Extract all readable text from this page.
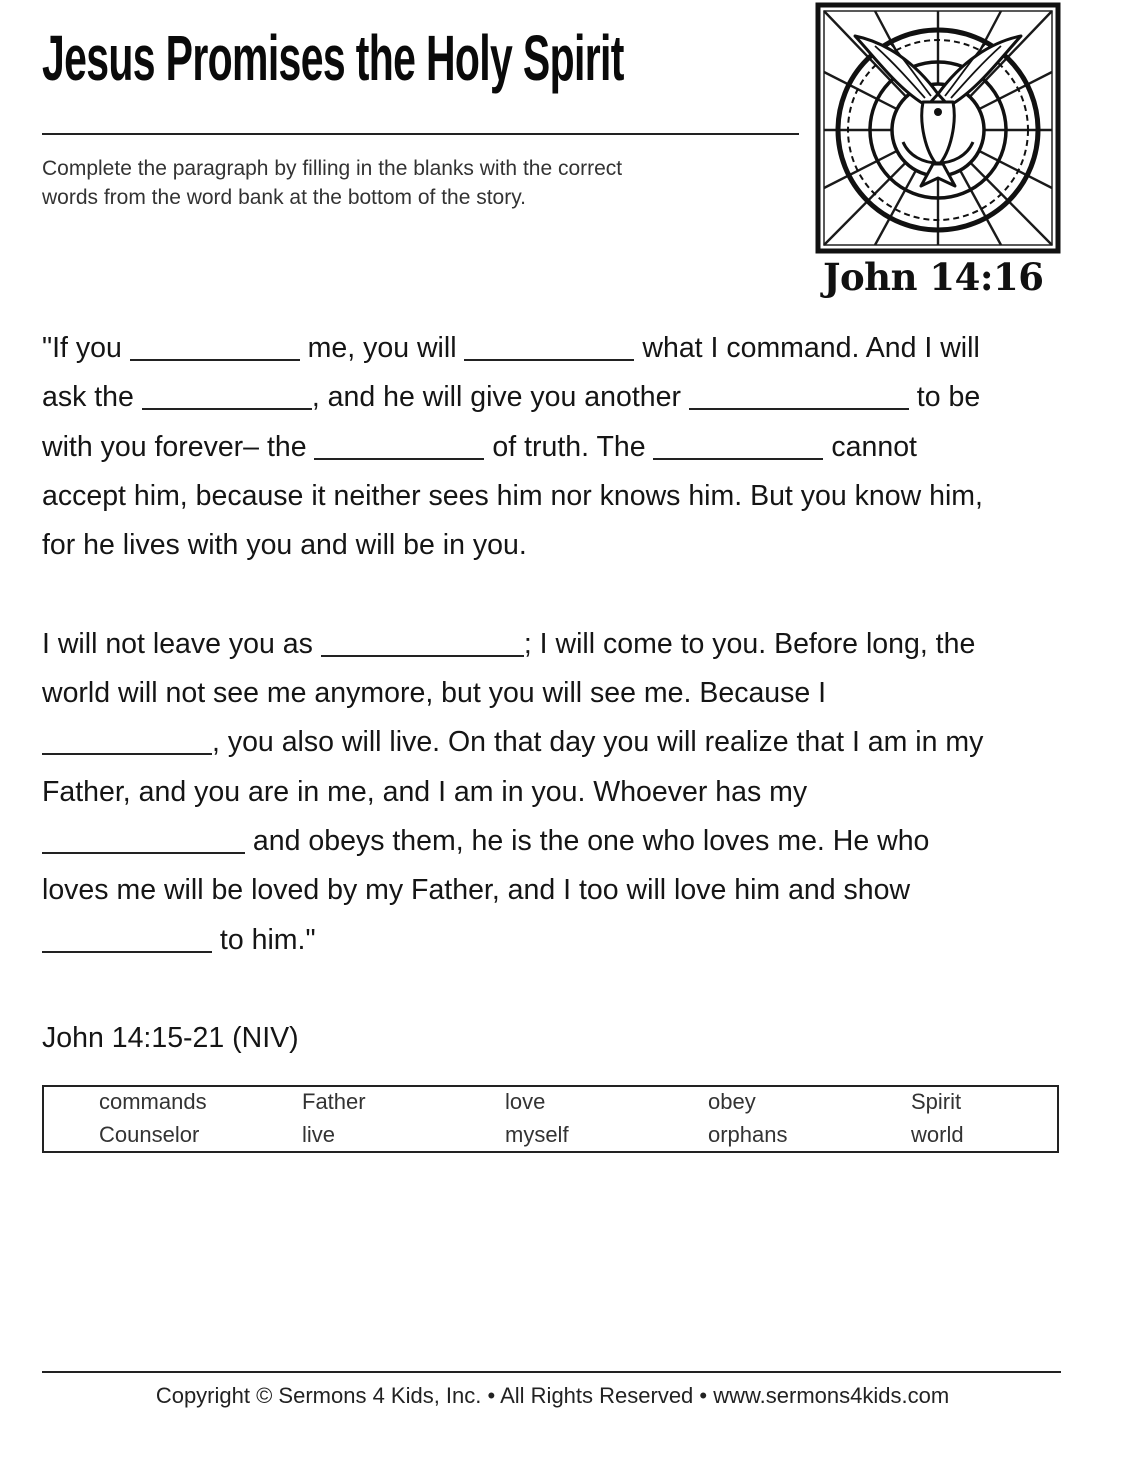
Jesus Promises the Holy Spirit
Complete the paragraph by filling in the blanks with the correct
words from the word bank at the bottom of the story.
John 14:16
"If you	me, you will	what I command. And I will
ask the	, and he will give you another	to be
with you forever– the	of truth. The	cannot
accept him, because it neither sees him nor knows him. But you know him,
for he lives with you and will be in you.
I will not leave you as	; I will come to you. Before long, the
world will not see me anymore, but you will see me. Because I
, you also will live. On that day you will realize that I am in my
Father, and you are in me, and I am in you. Whoever has my
and obeys them, he is the one who loves me. He who
loves me will be loved by my Father, and I too will love him and show
to him."
John 14:15-21 (NIV)
commands	Father	love	obey	Spirit
Counselor	live	myself	orphans	world
Copyright © Sermons 4 Kids, Inc. • All Rights Reserved • www.sermons4kids.com
